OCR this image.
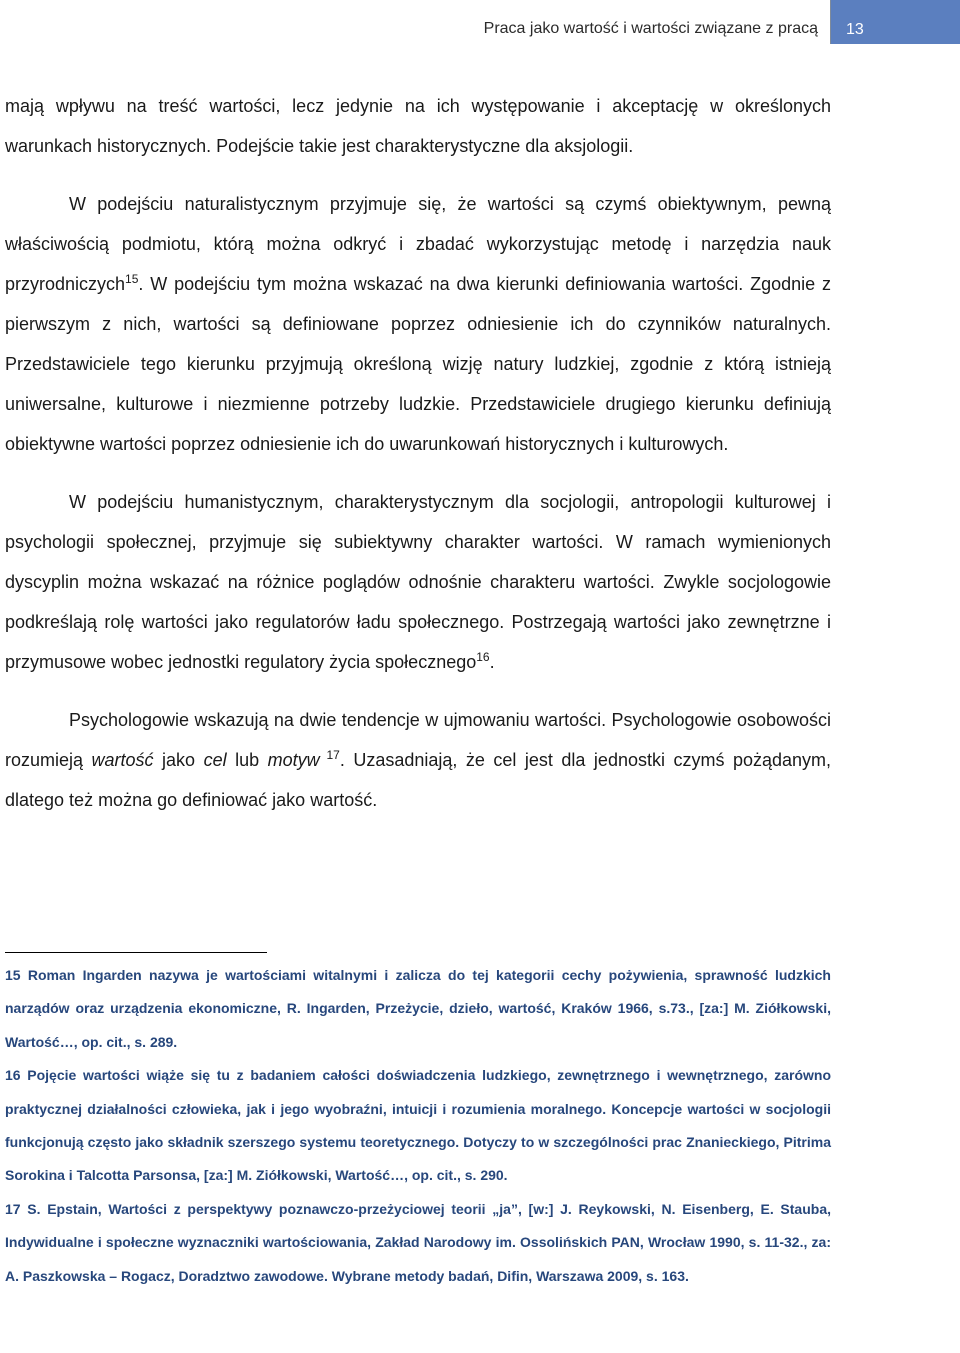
Praca jako wartość i wartości związane z pracą 13

mają wpływu na treść wartości, lecz jedynie na ich występowanie i akceptację w określonych warunkach historycznych. Podejście takie jest charakterystyczne dla aksjologii.

W podejściu naturalistycznym przyjmuje się, że wartości są czymś obiektywnym, pewną właściwością podmiotu, którą można odkryć i zbadać wykorzystując metodę i narzędzia nauk przyrodniczych$^{15}$. W podejściu tym można wskazać na dwa kierunki definiowania wartości. Zgodnie z pierwszym z nich, wartości są definiowane poprzez odniesienie ich do czynników naturalnych. Przedstawiciele tego kierunku przyjmują określoną wizję natury ludzkiej, zgodnie z którą istnieją uniwersalne, kulturowe i niezmienne potrzeby ludzkie. Przedstawiciele drugiego kierunku definiują obiektywne wartości poprzez odniesienie ich do uwarunkowań historycznych i kulturowych.

W podejściu humanistycznym, charakterystycznym dla socjologii, antropologii kulturowej i psychologii społecznej, przyjmuje się subiektywny charakter wartości. W ramach wymienionych dyscyplin można wskazać na różnice poglądów odnośnie charakteru wartości. Zwykle socjologowie podkreślają rolę wartości jako regulatorów ładu społecznego. Postrzegają wartości jako zewnętrzne i przymusowe wobec jednostki regulatory życia społecznego$^{16}$.

Psychologowie wskazują na dwie tendencje w ujmowaniu wartości. Psychologowie osobowości rozumieją wartość jako cel lub motyw $^{17}$. Uzasadniają, że cel jest dla jednostki czymś pożądanym, dlatego też można go definiować jako wartość.

15 Roman Ingarden nazywa je wartościami witalnymi i zalicza do tej kategorii cechy pożywienia, sprawność ludzkich narządów oraz urządzenia ekonomiczne, R. Ingarden, Przeżycie, dzieło, wartość, Kraków 1966, s.73., [za:] M. Ziółkowski, Wartość…, op. cit., s. 289.

16 Pojęcie wartości wiąże się tu z badaniem całości doświadczenia ludzkiego, zewnętrznego i wewnętrznego, zarówno praktycznej działalności człowieka, jak i jego wyobraźni, intuicji i rozumienia moralnego. Koncepcje wartości w socjologii funkcjonują często jako składnik szerszego systemu teoretycznego. Dotyczy to w szczególności prac Znanieckiego, Pitrima Sorokina i Talcotta Parsonsa, [za:] M. Ziółkowski, Wartość…, op. cit., s. 290.

17 S. Epstain, Wartości z perspektywy poznawczo-przeżyciowej teorii „ja”, [w:] J. Reykowski, N. Eisenberg, E. Stauba, Indywidualne i społeczne wyznaczniki wartościowania, Zakład Narodowy im. Ossolińskich PAN, Wrocław 1990, s. 11-32., za: A. Paszkowska – Rogacz, Doradztwo zawodowe. Wybrane metody badań, Difin, Warszawa 2009, s. 163.
